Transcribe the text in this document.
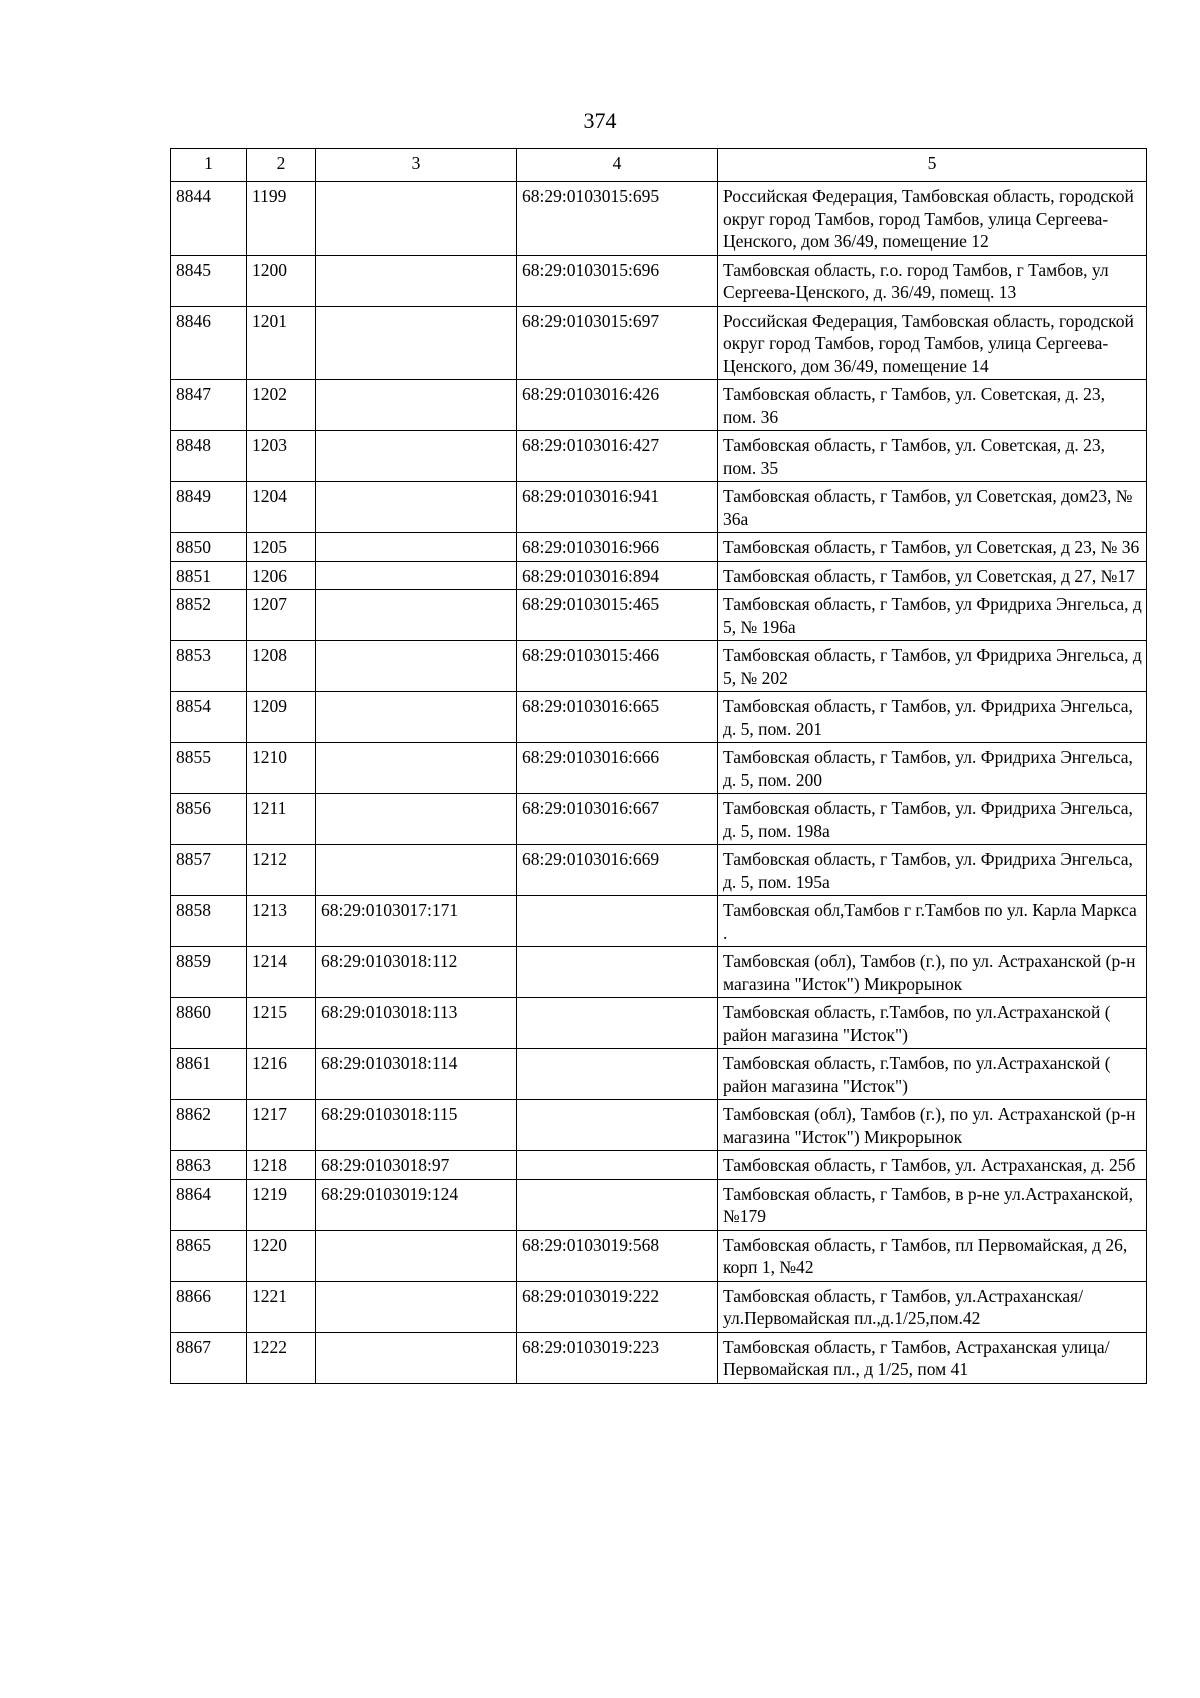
374
1	2	3	4	5
8844	1199		68:29:0103015:695	Российская Федерация, Тамбовская область, городской округ город Тамбов, город Тамбов, улица Сергеева-Ценского, дом 36/49, помещение 12
8845	1200		68:29:0103015:696	Тамбовская область, г.о. город Тамбов, г Тамбов, ул Сергеева-Ценского, д. 36/49, помещ. 13
8846	1201		68:29:0103015:697	Российская Федерация, Тамбовская область, городской округ город Тамбов, город Тамбов, улица Сергеева-Ценского, дом 36/49, помещение 14
8847	1202		68:29:0103016:426	Тамбовская область, г Тамбов, ул. Советская, д. 23, пом. 36
8848	1203		68:29:0103016:427	Тамбовская область, г Тамбов, ул. Советская, д. 23, пом. 35
8849	1204		68:29:0103016:941	Тамбовская область, г Тамбов, ул Советская, дом23, № 36а
8850	1205		68:29:0103016:966	Тамбовская область, г Тамбов, ул Советская, д 23, № 36
8851	1206		68:29:0103016:894	Тамбовская область, г Тамбов, ул Советская, д 27, №17
8852	1207		68:29:0103015:465	Тамбовская область, г Тамбов, ул Фридриха Энгельса, д 5, № 196а
8853	1208		68:29:0103015:466	Тамбовская область, г Тамбов, ул Фридриха Энгельса, д 5, № 202
8854	1209		68:29:0103016:665	Тамбовская область, г Тамбов, ул. Фридриха Энгельса, д. 5, пом. 201
8855	1210		68:29:0103016:666	Тамбовская область, г Тамбов, ул. Фридриха Энгельса, д. 5, пом. 200
8856	1211		68:29:0103016:667	Тамбовская область, г Тамбов, ул. Фридриха Энгельса, д. 5, пом. 198а
8857	1212		68:29:0103016:669	Тамбовская область, г Тамбов, ул. Фридриха Энгельса, д. 5, пом. 195а
8858	1213	68:29:0103017:171		Тамбовская обл,Тамбов г г.Тамбов по ул. Карла Маркса .
8859	1214	68:29:0103018:112		Тамбовская (обл), Тамбов (г.), по ул. Астраханской (р-н магазина "Исток") Микрорынок
8860	1215	68:29:0103018:113		Тамбовская область, г.Тамбов, по ул.Астраханской ( район магазина "Исток")
8861	1216	68:29:0103018:114		Тамбовская область, г.Тамбов, по ул.Астраханской ( район магазина "Исток")
8862	1217	68:29:0103018:115		Тамбовская (обл), Тамбов (г.), по ул. Астраханской (р-н магазина "Исток") Микрорынок
8863	1218	68:29:0103018:97		Тамбовская область, г Тамбов, ул. Астраханская, д. 25б
8864	1219	68:29:0103019:124		Тамбовская область, г Тамбов, в р-не ул.Астраханской, №179
8865	1220		68:29:0103019:568	Тамбовская область, г Тамбов, пл Первомайская, д 26, корп 1, №42
8866	1221		68:29:0103019:222	Тамбовская область, г Тамбов, ул.Астраханская/ул.Первомайская пл.,д.1/25,пом.42
8867	1222		68:29:0103019:223	Тамбовская область, г Тамбов, Астраханская улица/ Первомайская пл., д 1/25, пом 41
